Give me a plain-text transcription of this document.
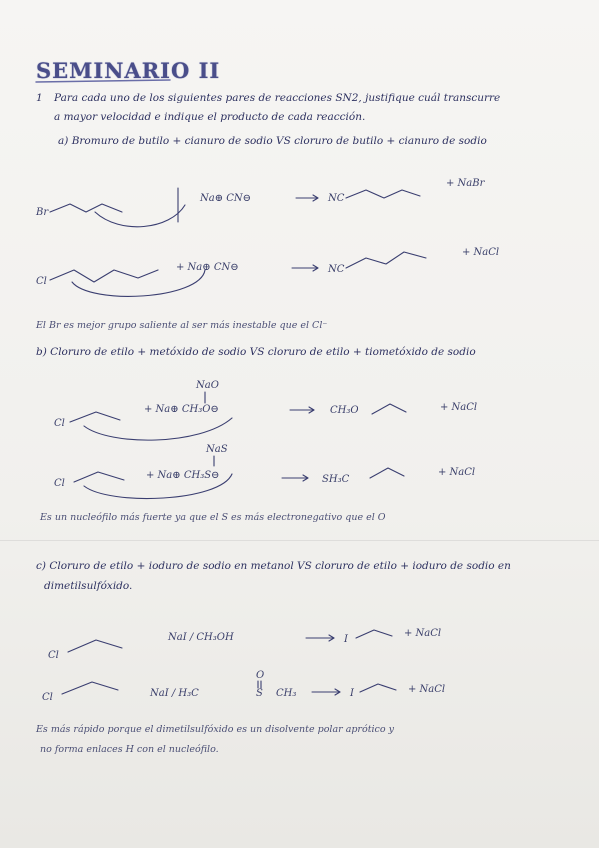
SEMINARIO II
1 Para cada uno de los siguientes pares de reacciones SN2, justifique cuál transcurre
a mayor velocidad e indique el producto de cada reacción.
a) Bromuro de butilo + cianuro de sodio VS cloruro de butilo + cianuro de sodio
Br
Na⊕ CN⊖	NC
+ NaBr
Cl
+ Na⊕ CN⊖	NC
+ NaCl
El Br es mejor grupo saliente al ser más inestable que el Cl⁻
b) Cloruro de etilo + metóxido de sodio VS cloruro de etilo + tiometóxido de sodio
NaO
Cl
+ Na⊕ CH₃O⊖	CH₃O	+ NaCl
NaS
Cl
+ Na⊕ CH₃S⊖	SH₃C
+ NaCl
Es un nucleófilo más fuerte ya que el S es más electronegativo que el O
c) Cloruro de etilo + ioduro de sodio en metanol VS cloruro de etilo + ioduro de sodio en
dimetilsulfóxido.
Cl
NaI / CH₃OH	I
+ NaCl
Cl	NaI / H₃C
O
S CH₃	I	+ NaCl
Es más rápido porque el dimetilsulfóxido es un disolvente polar aprótico y
no forma enlaces H con el nucleófilo.
